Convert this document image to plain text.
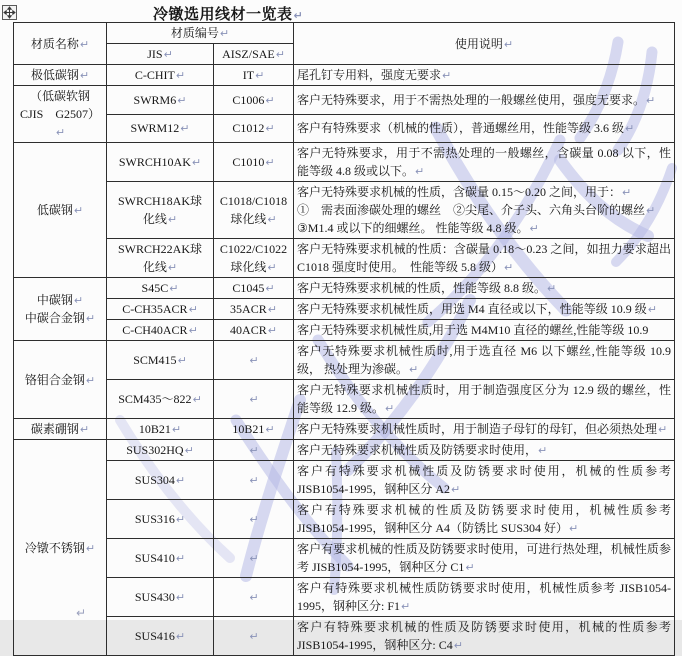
冷镦选用线材一览表↵
材质名称↵	材质编号↵		使用说明↵
	JIS↵	AISZ/SAE↵	
极低碳钢↵	C-CHIT↵	IT↵	尾孔钉专用料，强度无要求↵
（低碳软钢
CJIS　G2507）↵	SWRM6↵	C1006↵	客户无特殊要求，用于不需热处理的一般螺丝使用，强度无要求。↵
	SWRM12↵	C1012↵	客户有特殊要求（机械的性质），普通螺丝用，性能等级 3.6 级↵
低碳钢↵	SWRCH10AK↵	C1010↵	客户无特殊要求，用于不需热处理的一般螺丝，含碳量 0.08 以下，性能等级 4.8 级或以下。↵
	SWRCH18AK球
化线↵	C1018/C1018
球化线↵	客户无特殊要求机械的性质，含碳量 0.15～0.20 之间，用于：↵
①　需表面渗碳处理的螺丝　②尖尾、介子头、六角头台阶的螺丝↵
③M1.4 或以下的细螺丝。 性能等级 4.8 级。↵
	SWRCH22AK球
化线↵	C1022/C1022
球化线↵	客户无特殊要求机械的性质：含碳量 0.18～0.23 之间，如扭力要求超出 C1018 强度时使用。　性能等级 5.8 级）↵
中碳钢↵
中碳合金钢↵	S45C↵	C1045↵	客户无特殊要求机械的性质，性能等级 8.8 级。↵
	C-CH35ACR↵	35ACR↵	客户无特殊要求机械性质，用选 M4 直径或以下，性能等级 10.9 级↵
	C-CH40ACR↵	40ACR↵	客户无特殊要求机械性质,用于选 M4M10 直径的螺丝,性能等级 10.9
铬钼合金钢↵	SCM415↵	↵	客户无特殊要求机械性质时,用于选直径 M6 以下螺丝,性能等级 10.9 级， 热处理为渗碳。↵
	SCM435～822↵	↵	客户无特殊要求机械性质时，用于制造强度区分为 12.9 级的螺丝，性能等级 12.9 级。↵
碳素硼钢↵	10B21↵	10B21↵	客户无特殊要求机械性质时，用于制造子母钉的母钉，但必须热处理↵
冷镦不锈钢↵	SUS302HQ↵	↵	客户无特殊要求机械性质及防锈要求时使用，↵
	SUS304↵	↵	客户有特殊要求机械性质及防锈要求时使用，机械的性质参考 JISB1054-1995，钢种区分 A2↵
	SUS316↵	↵	客户有特殊要求机械的性质及防锈要求时使用，机械性质参考 JISB1054-1995，钢种区分 A4（防锈比 SUS304 好）↵
	SUS410↵	↵	客户有要求机械的性质及防锈要求时使用，可进行热处理，机械性质参考 JISB1054-1995，钢种区分 C1↵
	SUS430↵	↵	客户有特殊要求机械性质防锈要求时使用，机械性质参考 JISB1054-1995，钢种区分: F1↵
	SUS416↵	↵	客户有特殊要求机械的性质及防锈要求时使用，机械的性质参考 JISB1054-1995，钢种区分: C4↵
↵
